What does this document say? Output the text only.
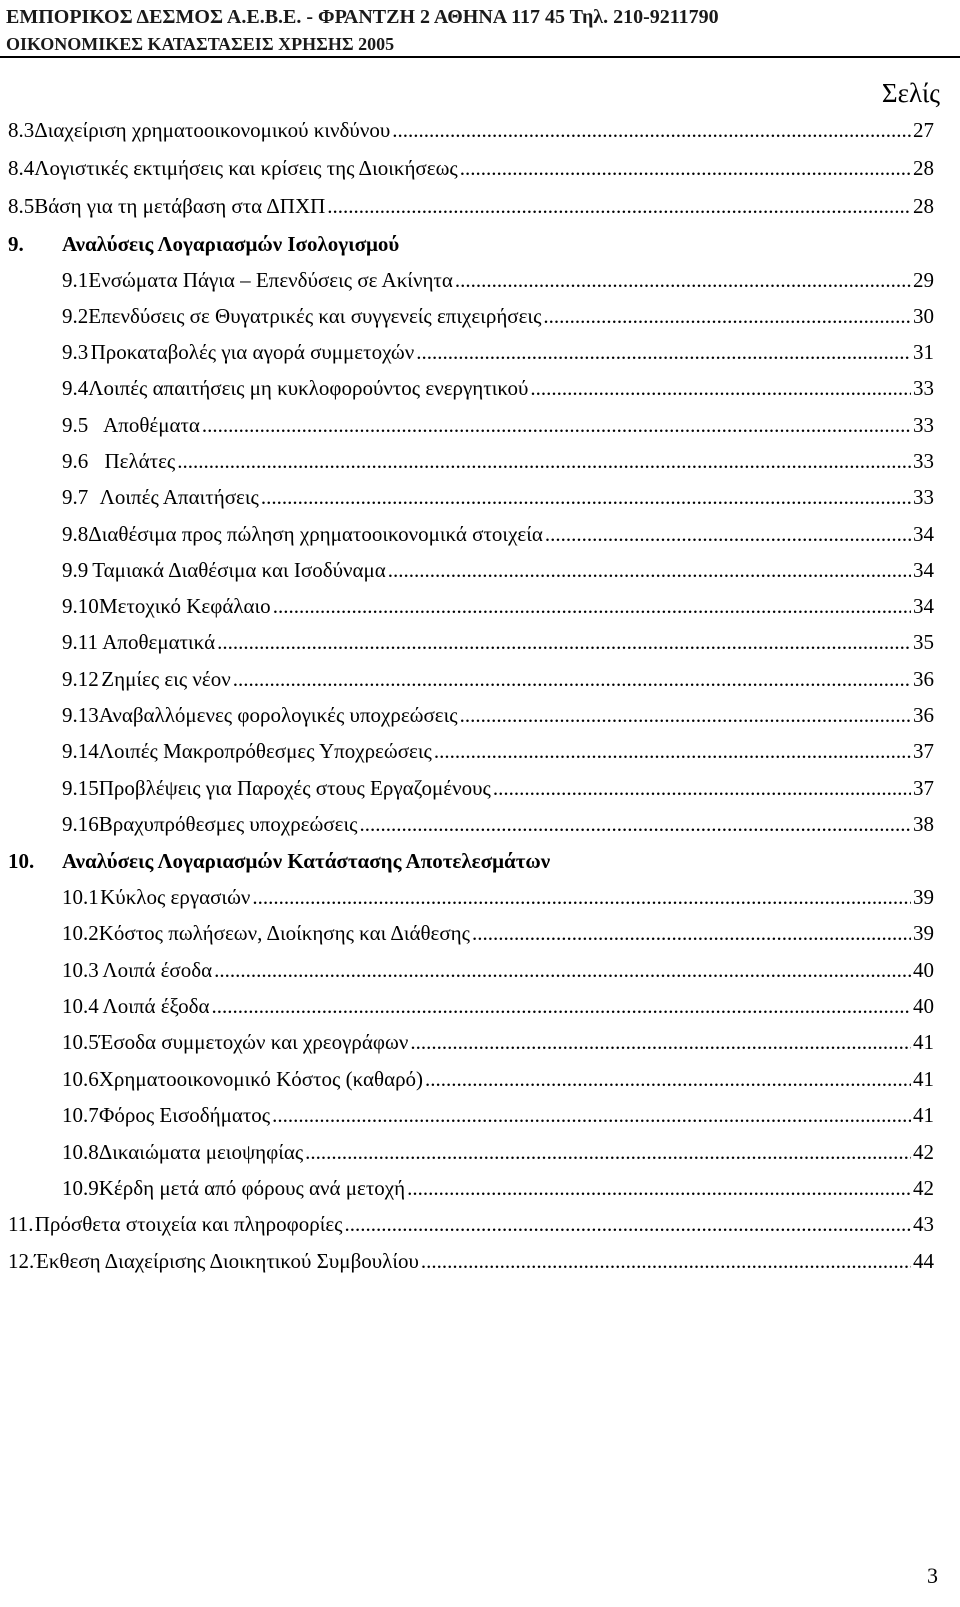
ΕΜΠΟΡΙΚΟΣ ΔΕΣΜΟΣ Α.Ε.Β.Ε. - ΦΡΑΝΤΖΗ 2 ΑΘΗΝΑ 117 45 Τηλ. 210-9211790
ΟΙΚΟΝΟΜΙΚΕΣ ΚΑΤΑΣΤΑΣΕΙΣ ΧΡΗΣΗΣ 2005
Σελίς
8.3 Διαχείριση χρηματοοικονομικού κινδύνου .....	27
8.4 Λογιστικές εκτιμήσεις και κρίσεις της Διοικήσεως .....	28
8.5 Βάση για τη μετάβαση στα ΔΠΧΠ .....	28
9.	Αναλύσεις Λογαριασμών Ισολογισμού
9.1 Ενσώματα Πάγια – Επενδύσεις σε Ακίνητα .....	29
9.2 Επενδύσεις σε Θυγατρικές και συγγενείς επιχειρήσεις .....	30
9.3 Προκαταβολές για αγορά συμμετοχών .....	31
9.4 Λοιπές απαιτήσεις μη κυκλοφορούντος ενεργητικού .....	33
9.5 Αποθέματα .....	33
9.6 Πελάτες .....	33
9.7 Λοιπές Απαιτήσεις .....	33
9.8 Διαθέσιμα προς πώληση χρηματοοικονομικά στοιχεία .....	34
9.9 Ταμιακά Διαθέσιμα και Ισοδύναμα .....	34
9.10 Μετοχικό Κεφάλαιο .....	34
9.11 Αποθεματικά .....	35
9.12 Ζημίες εις νέον .....	36
9.13 Αναβαλλόμενες φορολογικές υποχρεώσεις .....	36
9.14 Λοιπές Μακροπρόθεσμες Υποχρεώσεις .....	37
9.15 Προβλέψεις για Παροχές στους Εργαζομένους .....	37
9.16 Βραχυπρόθεσμες υποχρεώσεις .....	38
10.	Αναλύσεις Λογαριασμών Κατάστασης Αποτελεσμάτων
10.1 Κύκλος εργασιών .....	39
10.2 Κόστος πωλήσεων, Διοίκησης και Διάθεσης .....	39
10.3 Λοιπά έσοδα .....	40
10.4 Λοιπά έξοδα .....	40
10.5 Έσοδα συμμετοχών και χρεογράφων .....	41
10.6 Χρηματοοικονομικό Κόστος (καθαρό) .....	41
10.7 Φόρος Εισοδήματος .....	41
10.8 Δικαιώματα μειοψηφίας .....	42
10.9 Κέρδη μετά από φόρους ανά μετοχή .....	42
11. Πρόσθετα στοιχεία και πληροφορίες .....	43
12. Έκθεση Διαχείρισης Διοικητικού Συμβουλίου .....	44
3
